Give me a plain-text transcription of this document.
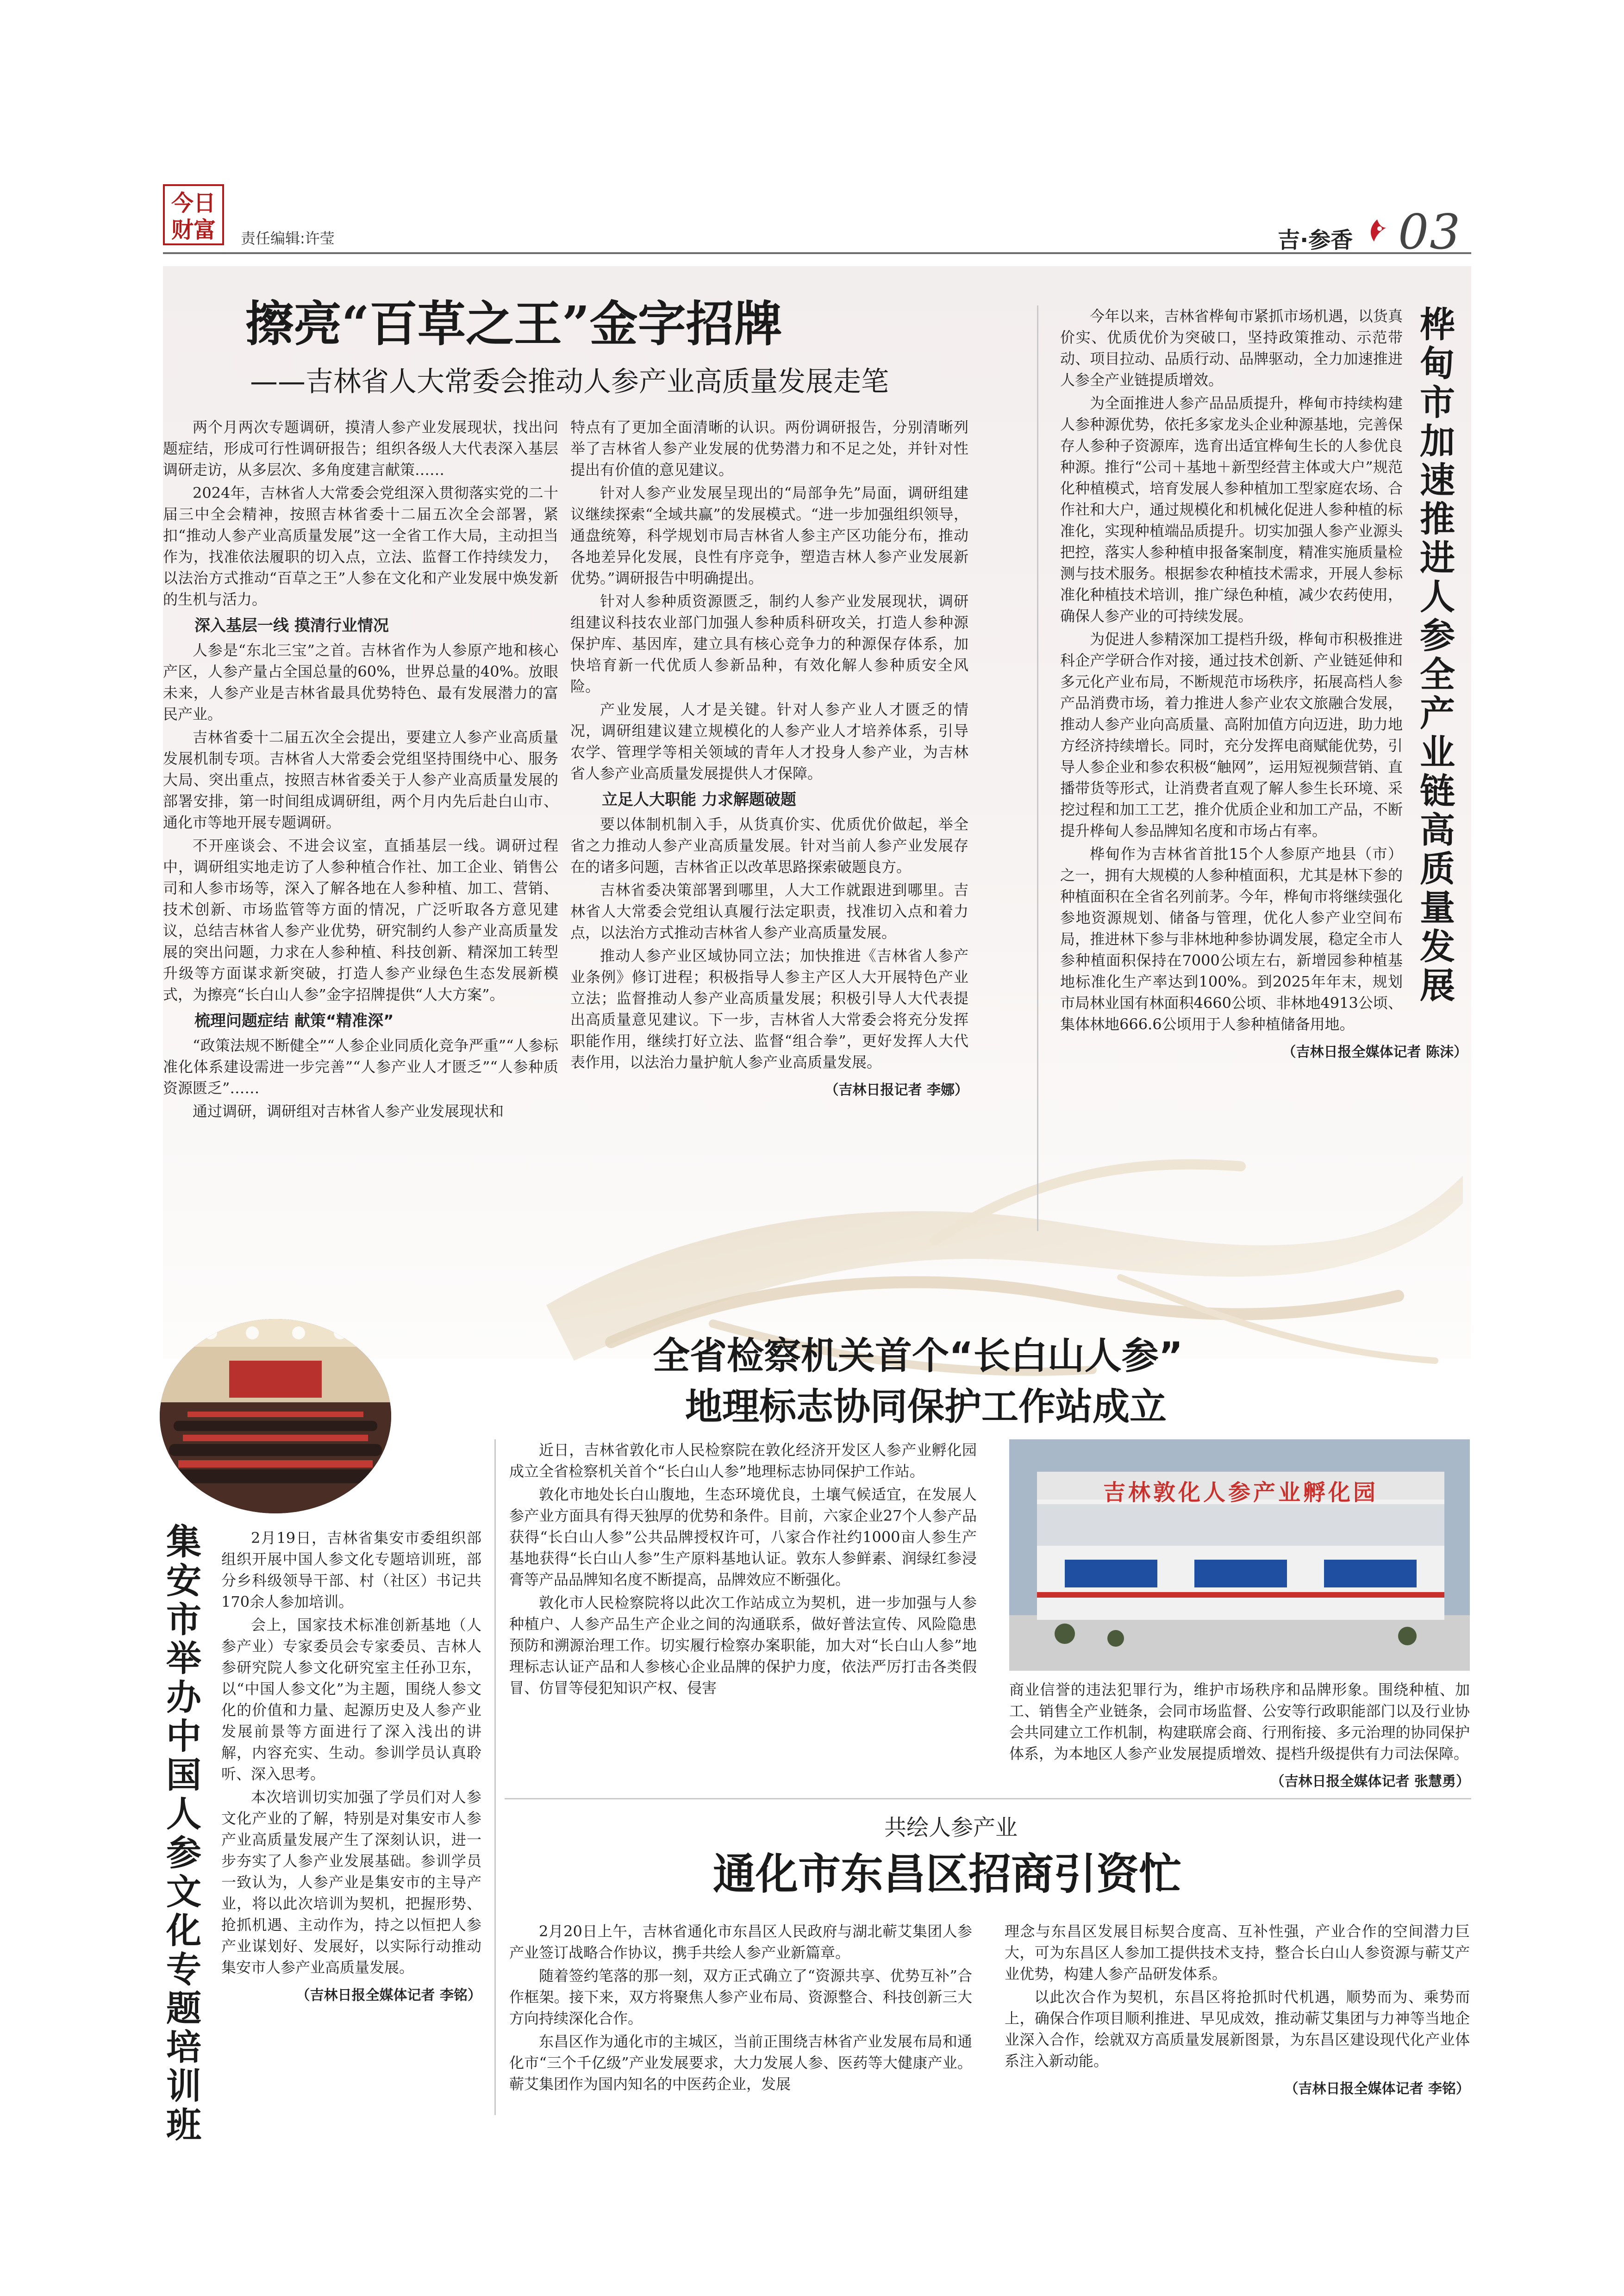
今日财富 责任编辑:许莹	吉·参香 03
擦亮“百草之王”金字招牌
——吉林省人大常委会推动人参产业高质量发展走笔

两个月两次专题调研，摸清人参产业发展现状，找出问题症结，形成可行性调研报告；组织各级人大代表深入基层调研走访，从多层次、多角度建言献策……

2024年，吉林省人大常委会党组深入贯彻落实党的二十届三中全会精神，按照吉林省委十二届五次全会部署，紧扣“推动人参产业高质量发展”这一全省工作大局，主动担当作为，找准依法履职的切入点，立法、监督工作持续发力，以法治方式推动“百草之王”人参在文化和产业发展中焕发新的生机与活力。

深入基层一线 摸清行业情况

人参是“东北三宝”之首。吉林省作为人参原产地和核心产区，人参产量占全国总量的60%，世界总量的40%。放眼未来，人参产业是吉林省最具优势特色、最有发展潜力的富民产业。

吉林省委十二届五次全会提出，要建立人参产业高质量发展机制专项。吉林省人大常委会党组坚持围绕中心、服务大局、突出重点，按照吉林省委关于人参产业高质量发展的部署安排，第一时间组成调研组，两个月内先后赴白山市、通化市等地开展专题调研。

不开座谈会、不进会议室，直插基层一线。调研过程中，调研组实地走访了人参种植合作社、加工企业、销售公司和人参市场等，深入了解各地在人参种植、加工、营销、技术创新、市场监管等方面的情况，广泛听取各方意见建议，总结吉林省人参产业优势，研究制约人参产业高质量发展的突出问题，力求在人参种植、科技创新、精深加工转型升级等方面谋求新突破，打造人参产业绿色生态发展新模式，为擦亮“长白山人参”金字招牌提供“人大方案”。

梳理问题症结 献策“精准深”

“政策法规不断健全”“人参企业同质化竞争严重”“人参标准化体系建设需进一步完善”“人参产业人才匮乏”“人参种质资源匮乏”……

通过调研，调研组对吉林省人参产业发展现状和

特点有了更加全面清晰的认识。两份调研报告，分别清晰列举了吉林省人参产业发展的优势潜力和不足之处，并针对性提出有价值的意见建议。

针对人参产业发展呈现出的“局部争先”局面，调研组建议继续探索“全域共赢”的发展模式。“进一步加强组织领导，通盘统筹，科学规划市局吉林省人参主产区功能分布，推动各地差异化发展，良性有序竞争，塑造吉林人参产业发展新优势。”调研报告中明确提出。

针对人参种质资源匮乏，制约人参产业发展现状，调研组建议科技农业部门加强人参种质科研攻关，打造人参种源保护库、基因库，建立具有核心竞争力的种源保存体系，加快培育新一代优质人参新品种，有效化解人参种质安全风险。

产业发展，人才是关键。针对人参产业人才匮乏的情况，调研组建议建立规模化的人参产业人才培养体系，引导农学、管理学等相关领域的青年人才投身人参产业，为吉林省人参产业高质量发展提供人才保障。

立足人大职能 力求解题破题

要以体制机制入手，从货真价实、优质优价做起，举全省之力推动人参产业高质量发展。针对当前人参产业发展存在的诸多问题，吉林省正以改革思路探索破题良方。

吉林省委决策部署到哪里，人大工作就跟进到哪里。吉林省人大常委会党组认真履行法定职责，找准切入点和着力点，以法治方式推动吉林省人参产业高质量发展。

推动人参产业区域协同立法；加快推进《吉林省人参产业条例》修订进程；积极指导人参主产区人大开展特色产业立法；监督推动人参产业高质量发展；积极引导人大代表提出高质量意见建议。下一步，吉林省人大常委会将充分发挥职能作用，继续打好立法、监督“组合拳”，更好发挥人大代表作用，以法治力量护航人参产业高质量发展。

（吉林日报记者 李娜）

今年以来，吉林省桦甸市紧抓市场机遇，以货真价实、优质优价为突破口，坚持政策推动、示范带动、项目拉动、品质行动、品牌驱动，全力加速推进人参全产业链提质增效。

为全面推进人参产品品质提升，桦甸市持续构建人参种源优势，依托多家龙头企业种源基地，完善保存人参种子资源库，选育出适宜桦甸生长的人参优良种源。推行“公司＋基地＋新型经营主体或大户”规范化种植模式，培育发展人参种植加工型家庭农场、合作社和大户，通过规模化和机械化促进人参种植的标准化，实现种植端品质提升。切实加强人参产业源头把控，落实人参种植申报备案制度，精准实施质量检测与技术服务。根据参农种植技术需求，开展人参标准化种植技术培训，推广绿色种植，减少农药使用，确保人参产业的可持续发展。

为促进人参精深加工提档升级，桦甸市积极推进科企产学研合作对接，通过技术创新、产业链延伸和多元化产业布局，不断规范市场秩序，拓展高档人参产品消费市场，着力推进人参产业农文旅融合发展，推动人参产业向高质量、高附加值方向迈进，助力地方经济持续增长。同时，充分发挥电商赋能优势，引导人参企业和参农积极“触网”，运用短视频营销、直播带货等形式，让消费者直观了解人参生长环境、采挖过程和加工工艺，推介优质企业和加工产品，不断提升桦甸人参品牌知名度和市场占有率。

桦甸作为吉林省首批15个人参原产地县（市）之一，拥有大规模的人参种植面积，尤其是林下参的种植面积在全省名列前茅。今年，桦甸市将继续强化参地资源规划、储备与管理，优化人参产业空间布局，推进林下参与非林地种参协调发展，稳定全市人参种植面积保持在7000公顷左右，新增园参种植基地标准化生产率达到100%。到2025年年末，规划市局林业国有林面积4660公顷、非林地4913公顷、集体林地666.6公顷用于人参种植储备用地。

（吉林日报全媒体记者 陈沫）
桦甸市加速推进人参全产业链高质量发展
集安市举办中国人参文化专题培训班

2月19日，吉林省集安市委组织部组织开展中国人参文化专题培训班，部分乡科级领导干部、村（社区）书记共170余人参加培训。

会上，国家技术标准创新基地（人参产业）专家委员会专家委员、吉林人参研究院人参文化研究室主任孙卫东，以“中国人参文化”为主题，围绕人参文化的价值和力量、起源历史及人参产业发展前景等方面进行了深入浅出的讲解，内容充实、生动。参训学员认真聆听、深入思考。

本次培训切实加强了学员们对人参文化产业的了解，特别是对集安市人参产业高质量发展产生了深刻认识，进一步夯实了人参产业发展基础。参训学员一致认为，人参产业是集安市的主导产业，将以此次培训为契机，把握形势、抢抓机遇、主动作为，持之以恒把人参产业谋划好、发展好，以实际行动推动集安市人参产业高质量发展。

（吉林日报全媒体记者 李铭）
全省检察机关首个“长白山人参”
地理标志协同保护工作站成立

近日，吉林省敦化市人民检察院在敦化经济开发区人参产业孵化园成立全省检察机关首个“长白山人参”地理标志协同保护工作站。

敦化市地处长白山腹地，生态环境优良，土壤气候适宜，在发展人参产业方面具有得天独厚的优势和条件。目前，六家企业27个人参产品获得“长白山人参”公共品牌授权许可，八家合作社约1000亩人参生产基地获得“长白山人参”生产原料基地认证。敦东人参鲜素、润绿红参浸膏等产品品牌知名度不断提高，品牌效应不断强化。

敦化市人民检察院将以此次工作站成立为契机，进一步加强与人参种植户、人参产品生产企业之间的沟通联系，做好普法宣传、风险隐患预防和溯源治理工作。切实履行检察办案职能，加大对“长白山人参”地理标志认证产品和人参核心企业品牌的保护力度，依法严厉打击各类假冒、仿冒等侵犯知识产权、侵害

吉林敦化人参产业孵化园

商业信誉的违法犯罪行为，维护市场秩序和品牌形象。围绕种植、加工、销售全产业链条，会同市场监督、公安等行政职能部门以及行业协会共同建立工作机制，构建联席会商、行刑衔接、多元治理的协同保护体系，为本地区人参产业发展提质增效、提档升级提供有力司法保障。

（吉林日报全媒体记者 张慧勇）
共绘人参产业
通化市东昌区招商引资忙

2月20日上午，吉林省通化市东昌区人民政府与湖北蕲艾集团人参产业签订战略合作协议，携手共绘人参产业新篇章。

随着签约笔落的那一刻，双方正式确立了“资源共享、优势互补”合作框架。接下来，双方将聚焦人参产业布局、资源整合、科技创新三大方向持续深化合作。

东昌区作为通化市的主城区，当前正围绕吉林省产业发展布局和通化市“三个千亿级”产业发展要求，大力发展人参、医药等大健康产业。蕲艾集团作为国内知名的中医药企业，发展

理念与东昌区发展目标契合度高、互补性强，产业合作的空间潜力巨大，可为东昌区人参加工提供技术支持，整合长白山人参资源与蕲艾产业优势，构建人参产品研发体系。

以此次合作为契机，东昌区将抢抓时代机遇，顺势而为、乘势而上，确保合作项目顺利推进、早见成效，推动蕲艾集团与力神等当地企业深入合作，绘就双方高质量发展新图景，为东昌区建设现代化产业体系注入新动能。

（吉林日报全媒体记者 李铭）
